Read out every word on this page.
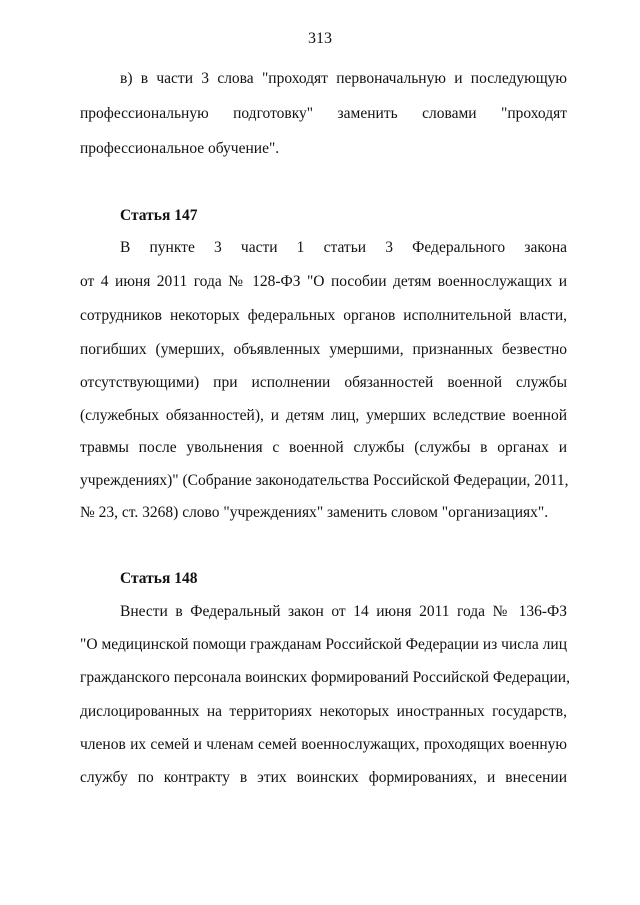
313
в) в части 3 слова "проходят первоначальную и последующую
профессиональную подготовку" заменить словами "проходят
профессиональное обучение".
Статья 147
В пункте 3 части 1 статьи 3 Федерального закона
от 4 июня 2011 года № 128-ФЗ "О пособии детям военнослужащих и
сотрудников некоторых федеральных органов исполнительной власти,
погибших (умерших, объявленных умершими, признанных безвестно
отсутствующими) при исполнении обязанностей военной службы
(служебных обязанностей), и детям лиц, умерших вследствие военной
травмы после увольнения с военной службы (службы в органах и
учреждениях)" (Собрание законодательства Российской Федерации, 2011,
№ 23, ст. 3268) слово "учреждениях" заменить словом "организациях".
Статья 148
Внести в Федеральный закон от 14 июня 2011 года № 136-ФЗ
"О медицинской помощи гражданам Российской Федерации из числа лиц
гражданского персонала воинских формирований Российской Федерации,
дислоцированных на территориях некоторых иностранных государств,
членов их семей и членам семей военнослужащих, проходящих военную
службу по контракту в этих воинских формированиях, и внесении
